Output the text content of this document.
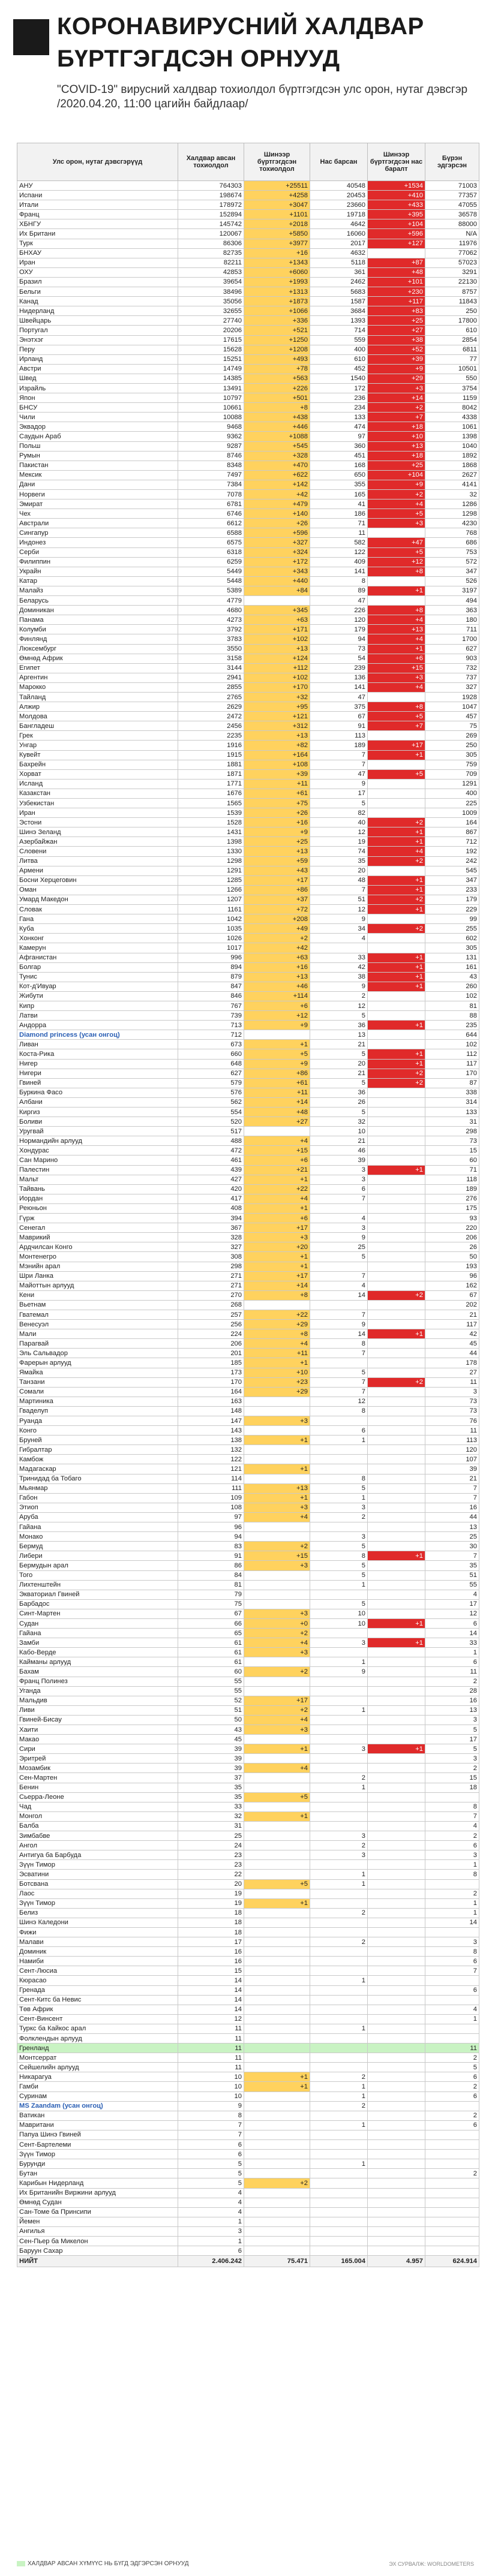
КОРОНАВИРУСНИЙ ХАЛДВАР
БҮРТГЭГДСЭН ОРНУУД
"COVID-19" вирусний халдвар тохиолдол бүртгэгдсэн улс орон, нутаг дэвсгэр /2020.04.20, 11:00 цагийн байдлаар/
Улс орон, нутаг дэвсгэрүүд	Халдвар авсан тохиолдол	Шинээр бүртгэгдсэн тохиолдол	Нас барсан	Шинээр бүртгэгдсэн нас баралт	Бүрэн эдгэрсэн
АНУ	764303	+25511	40548	+1534	71003
Испани	198674	+4258	20453	+410	77357
Итали	178972	+3047	23660	+433	47055
Франц	152894	+1101	19718	+395	36578
ХБНГУ	145742	+2018	4642	+104	88000
Их Британи	120067	+5850	16060	+596	N/A
Турк	86306	+3977	2017	+127	11976
БНХАУ	82735	+16	4632		77062
Иран	82211	+1343	5118	+87	57023
ОХУ	42853	+6060	361	+48	3291
Бразил	39654	+1993	2462	+101	22130
Бельги	38496	+1313	5683	+230	8757
Канад	35056	+1873	1587	+117	11843
Нидерланд	32655	+1066	3684	+83	250
Швейцарь	27740	+336	1393	+25	17800
Португал	20206	+521	714	+27	610
Энэтхэг	17615	+1250	559	+38	2854
Перу	15628	+1208	400	+52	6811
Ирланд	15251	+493	610	+39	77
Австри	14749	+78	452	+9	10501
Швед	14385	+563	1540	+29	550
Израйль	13491	+226	172	+3	3754
Япон	10797	+501	236	+14	1159
БНСУ	10661	+8	234	+2	8042
Чили	10088	+438	133	+7	4338
Эквадор	9468	+446	474	+18	1061
Саудын Араб	9362	+1088	97	+10	1398
Польш	9287	+545	360	+13	1040
Румын	8746	+328	451	+18	1892
Пакистан	8348	+470	168	+25	1868
Мексик	7497	+622	650	+104	2627
Дани	7384	+142	355	+9	4141
Норвеги	7078	+42	165	+2	32
Эмират	6781	+479	41	+4	1286
Чех	6746	+140	186	+5	1298
Австрали	6612	+26	71	+3	4230
Сингапур	6588	+596	11		768
Индонез	6575	+327	582	+47	686
Серби	6318	+324	122	+5	753
Филиппин	6259	+172	409	+12	572
Украйн	5449	+343	141	+8	347
Катар	5448	+440	8		526
Малайз	5389	+84	89	+1	3197
Беларусь	4779		47		494
Доминикан	4680	+345	226	+8	363
Панама	4273	+63	120	+4	180
Колумби	3792	+171	179	+13	711
Финлянд	3783	+102	94	+4	1700
Люксембург	3550	+13	73	+1	627
Өмнөд Африк	3158	+124	54	+6	903
Египет	3144	+112	239	+15	732
Аргентин	2941	+102	136	+3	737
Марокко	2855	+170	141	+4	327
Тайланд	2765	+32	47		1928
Алжир	2629	+95	375	+8	1047
Молдова	2472	+121	67	+5	457
Бангладеш	2456	+312	91	+7	75
Грек	2235	+13	113		269
Унгар	1916	+82	189	+17	250
Кувейт	1915	+164	7	+1	305
Бахрейн	1881	+108	7		759
Хорват	1871	+39	47	+5	709
Исланд	1771	+11	9		1291
Казакстан	1676	+61	17		400
Узбекистан	1565	+75	5		225
Иран	1539	+26	82		1009
Эстони	1528	+16	40	+2	164
Шинэ Зеланд	1431	+9	12	+1	867
Азербайжан	1398	+25	19	+1	712
Словени	1330	+13	74	+4	192
Литва	1298	+59	35	+2	242
Армени	1291	+43	20		545
Босни Херцеговин	1285	+17	48	+1	347
Оман	1266	+86	7	+1	233
Умард Македон	1207	+37	51	+2	179
Словак	1161	+72	12	+1	229
Гана	1042	+208	9		99
Куба	1035	+49	34	+2	255
Хонконг	1026	+2	4		602
Камерун	1017	+42			305
Афганистан	996	+63	33	+1	131
Болгар	894	+16	42	+1	161
Тунис	879	+13	38	+1	43
Кот-д'Ивуар	847	+46	9	+1	260
Жибути	846	+114	2		102
Кипр	767	+6	12		81
Латви	739	+12	5		88
Андорра	713	+9	36	+1	235
Diamond princess (усан онгоц)	712		13		644
Ливан	673	+1	21		102
Коста-Рика	660	+5	5	+1	112
Нигер	648	+9	20	+1	117
Нигери	627	+86	21	+2	170
Гвиней	579	+61	5	+2	87
Буркина Фасо	576	+11	36		338
Албани	562	+14	26		314
Киргиз	554	+48	5		133
Боливи	520	+27	32		31
Уругвай	517		10		298
Нормандийн арлууд	488	+4	21		73
Хондурас	472	+15	46		15
Сан Марино	461	+6	39		60
Палестин	439	+21	3	+1	71
Мальт	427	+1	3		118
Тайвань	420	+22	6		189
Иордан	417	+4	7		276
Реюньон	408	+1			175
Гүрж	394	+6	4		93
Сенегал	367	+17	3		220
Маврикий	328	+3	9		206
Ардчилсан Конго	327	+20	25		26
Монтенегро	308	+1	5		50
Мэнийн арал	298	+1			193
Шри Ланка	271	+17	7		96
Майоттын арлууд	271	+14	4		162
Кени	270	+8	14	+2	67
Вьетнам	268				202
Гватемал	257	+22	7		21
Венесуэл	256	+29	9		117
Мали	224	+8	14	+1	42
Парагвай	206	+4	8		45
Эль Сальвадор	201	+11	7		44
Фарерын арлууд	185	+1			178
Ямайка	173	+10	5		27
Танзани	170	+23	7	+2	11
Сомали	164	+29	7		3
Мартиника	163		12		73
Гваделуп	148		8		73
Руанда	147	+3			76
Конго	143		6		11
Бруней	138	+1	1		113
Гибралтар	132				120
Камбож	122				107
Мадагаскар	121	+1			39
Тринидад ба Тобаго	114		8		21
Мьянмар	111	+13	5		7
Габон	109	+1	1		7
Этиоп	108	+3	3		16
Аруба	97	+4	2		44
Гайана	96				13
Монако	94		3		25
Бермуд	83	+2	5		30
Либери	91	+15	8	+1	7
Бермудын арал	86	+3	5		35
Того	84		5		51
Лихтенштейн	81		1		55
Экваториал Гвиней	79				4
Барбадос	75		5		17
Синт-Мартен	67	+3	10		12
Судан	66	+0	10	+1	6
Гайана	65	+2			14
Замби	61	+4	3	+1	33
Кабо-Верде	61	+3			1
Кайманы арлууд	61		1		6
Бахам	60	+2	9		11
Франц Полинез	55				2
Угандa	55				28
Мальдив	52	+17			16
Ливи	51	+2	1		13
Гвиней-Бисау	50	+4			3
Хаити	43	+3			5
Макао	45				17
Сири	39	+1	3	+1	5
Эритрей	39				3
Мозамбик	39	+4			2
Сен-Мартен	37		2		15
Бенин	35		1		18
Сьерра-Леоне	35	+5			
Чад	33				8
Монгол	32	+1			7
Балба	31				4
Зимбабве	25		3		2
Ангол	24		2		6
Антигуа ба Барбуда	23		3		3
Зүүн Тимор	23				1
Эсватини	22		1		8
Ботсвана	20	+5	1		
Лаос	19				2
Зүүн Тимор	19	+1			1
Белиз	18		2		1
Шинэ Каледони	18				14
Фижи	18				
Малави	17		2		3
Доминик	16				8
Намиби	16				6
Сент-Люсиа	15				7
Кюрасао	14		1		
Гренада	14				6
Сент-Китс ба Невис	14				
Төв Африк	14				4
Сент-Винсент	12				1
Туркс ба Кайкос арал	11		1		
Фолклендын арлууд	11				
Гренланд	11				11
Монтсеррат	11				2
Сейшелийн арлууд	11				5
Никарагуа	10	+1	2		6
Гамби	10	+1	1		2
Суринам	10		1		6
MS Zaandam (усан онгоц)	9		2		
Ватикан	8				2
Мавритани	7		1		6
Папуа Шинэ Гвиней	7				
Сент-Бартелеми	6				
Зүүн Тимор	6				
Бурунди	5		1		
Бутан	5				2
Карибын Нидерланд	5	+2			
Их Британийн Виржини арлууд	4				
Өмнөд Судан	4				
Сан-Томе ба Принсипи	4				
Йемен	1				
Ангилья	3				
Сен-Пьер ба Микелон	1				
Баруун Сахар	6				
НИЙТ	2.406.242	75.471	165.004	4.957	624.914
ХАЛДВАР АВСАН ХҮМҮҮС НЬ БҮГД ЭДГЭРСЭН ОРНУУД	ЭХ СУРВАЛЖ: WORLDOMETERS
